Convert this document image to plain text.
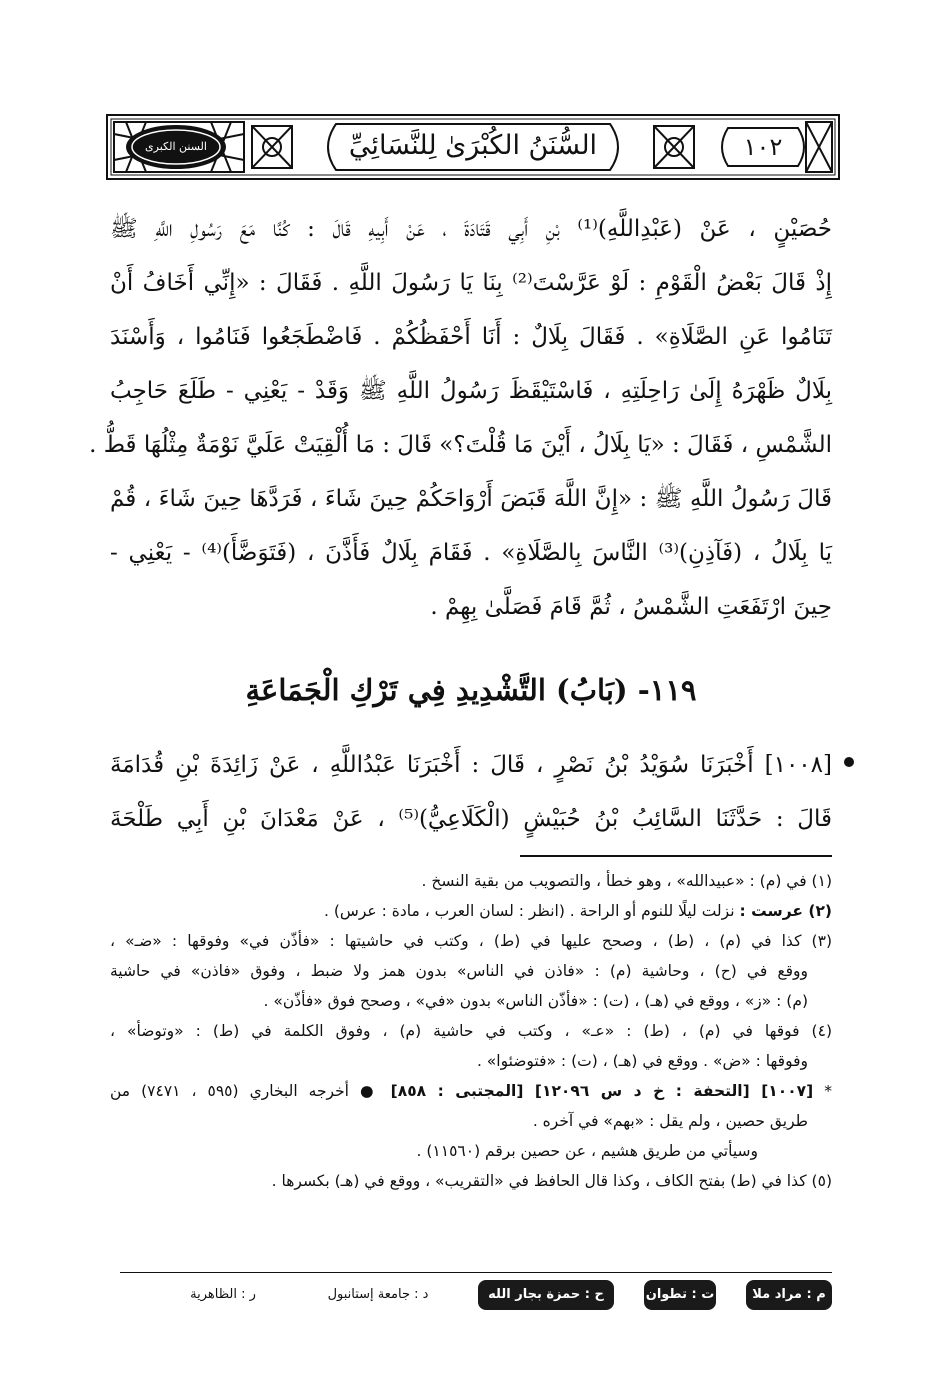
السنن الكبرى	السُّنَنُ الكُبْرَىٰ لِلنَّسَائِيِّ	١٠٢
حُصَيْنٍ ، عَنْ (عَبْدِاللَّهِ)⁽¹⁾ بْنِ أَبِي قَتَادَةَ ، عَنْ أَبِيهِ قَالَ : كُنَّا مَعَ رَسُولِ اللَّهِ ﷺ
إِذْ قَالَ بَعْضُ الْقَوْمِ : لَوْ عَرَّسْتَ⁽²⁾ بِنَا يَا رَسُولَ اللَّهِ . فَقَالَ : «إِنِّي أَخَافُ أَنْ
تَنَامُوا عَنِ الصَّلَاةِ» . فَقَالَ بِلَالٌ : أَنَا أَحْفَظُكُمْ . فَاضْطَجَعُوا فَنَامُوا ، وَأَسْنَدَ
بِلَالٌ ظَهْرَهُ إِلَىٰ رَاحِلَتِهِ ، فَاسْتَيْقَظَ رَسُولُ اللَّهِ ﷺ وَقَدْ - يَعْنِي - طَلَعَ حَاجِبُ
الشَّمْسِ ، فَقَالَ : «يَا بِلَالُ ، أَيْنَ مَا قُلْتَ؟» قَالَ : مَا أُلْقِيَتْ عَلَيَّ نَوْمَةٌ مِثْلُهَا قَطُّ .
قَالَ رَسُولُ اللَّهِ ﷺ : «إِنَّ اللَّهَ قَبَضَ أَرْوَاحَكُمْ حِينَ شَاءَ ، فَرَدَّهَا حِينَ شَاءَ ، قُمْ
يَا بِلَالُ ، (فَآذِنِ)⁽³⁾ النَّاسَ بِالصَّلَاةِ» . فَقَامَ بِلَالٌ فَأَذَّنَ ، (فَتَوَضَّأَ)⁽⁴⁾ - يَعْنِي -
حِينَ ارْتَفَعَتِ الشَّمْسُ ، ثُمَّ قَامَ فَصَلَّىٰ بِهِمْ .
١١٩- (بَابُ) التَّشْدِيدِ فِي تَرْكِ الْجَمَاعَةِ
[١٠٠٨] أَخْبَرَنَا سُوَيْدُ بْنُ نَصْرٍ ، قَالَ : أَخْبَرَنَا عَبْدُاللَّهِ ، عَنْ زَائِدَةَ بْنِ قُدَامَةَ
قَالَ : حَدَّثَنَا السَّائِبُ بْنُ حُبَيْشٍ (الْكَلَاعِيُّ)⁽⁵⁾ ، عَنْ مَعْدَانَ بْنِ أَبِي طَلْحَةَ
(١) في (م) : «عبيدالله» ، وهو خطأ ، والتصويب من بقية النسخ .
(٢) عرست : نزلت ليلًا للنوم أو الراحة . (انظر : لسان العرب ، مادة : عرس) .
(٣) كذا في (م) ، (ط) ، وصحح عليها في (ط) ، وكتب في حاشيتها : «فأذّن في» وفوقها : «ضـ» ،
ووقع في (ح) ، وحاشية (م) : «فاذن في الناس» بدون همز ولا ضبط ، وفوق «فاذن» في حاشية
(م) : «ز» ، ووقع في (هـ) ، (ت) : «فأذّن الناس» بدون «في» ، وصحح فوق «فأذّن» .
(٤) فوقها في (م) ، (ط) : «عـ» ، وكتب في حاشية (م) ، وفوق الكلمة في (ط) : «وتوضأ» ،
وفوقها : «ض» . ووقع في (هـ) ، (ت) : «فتوضئوا» .
* [١٠٠٧] [التحفة : خ د س ١٢٠٩٦] [المجتبى : ٨٥٨] ● أخرجه البخاري (٥٩٥ ، ٧٤٧١) من
طريق حصين ، ولم يقل : «بهم» في آخره .
وسيأتي من طريق هشيم ، عن حصين برقم (١١٥٦٠) .
(٥) كذا في (ط) بفتح الكاف ، وكذا قال الحافظ في «التقريب» ، ووقع في (هـ) بكسرها .
م : مراد ملا
ت : تطوان
ح : حمزة بجار الله
د : جامعة إستانبول
ر : الظاهرية
